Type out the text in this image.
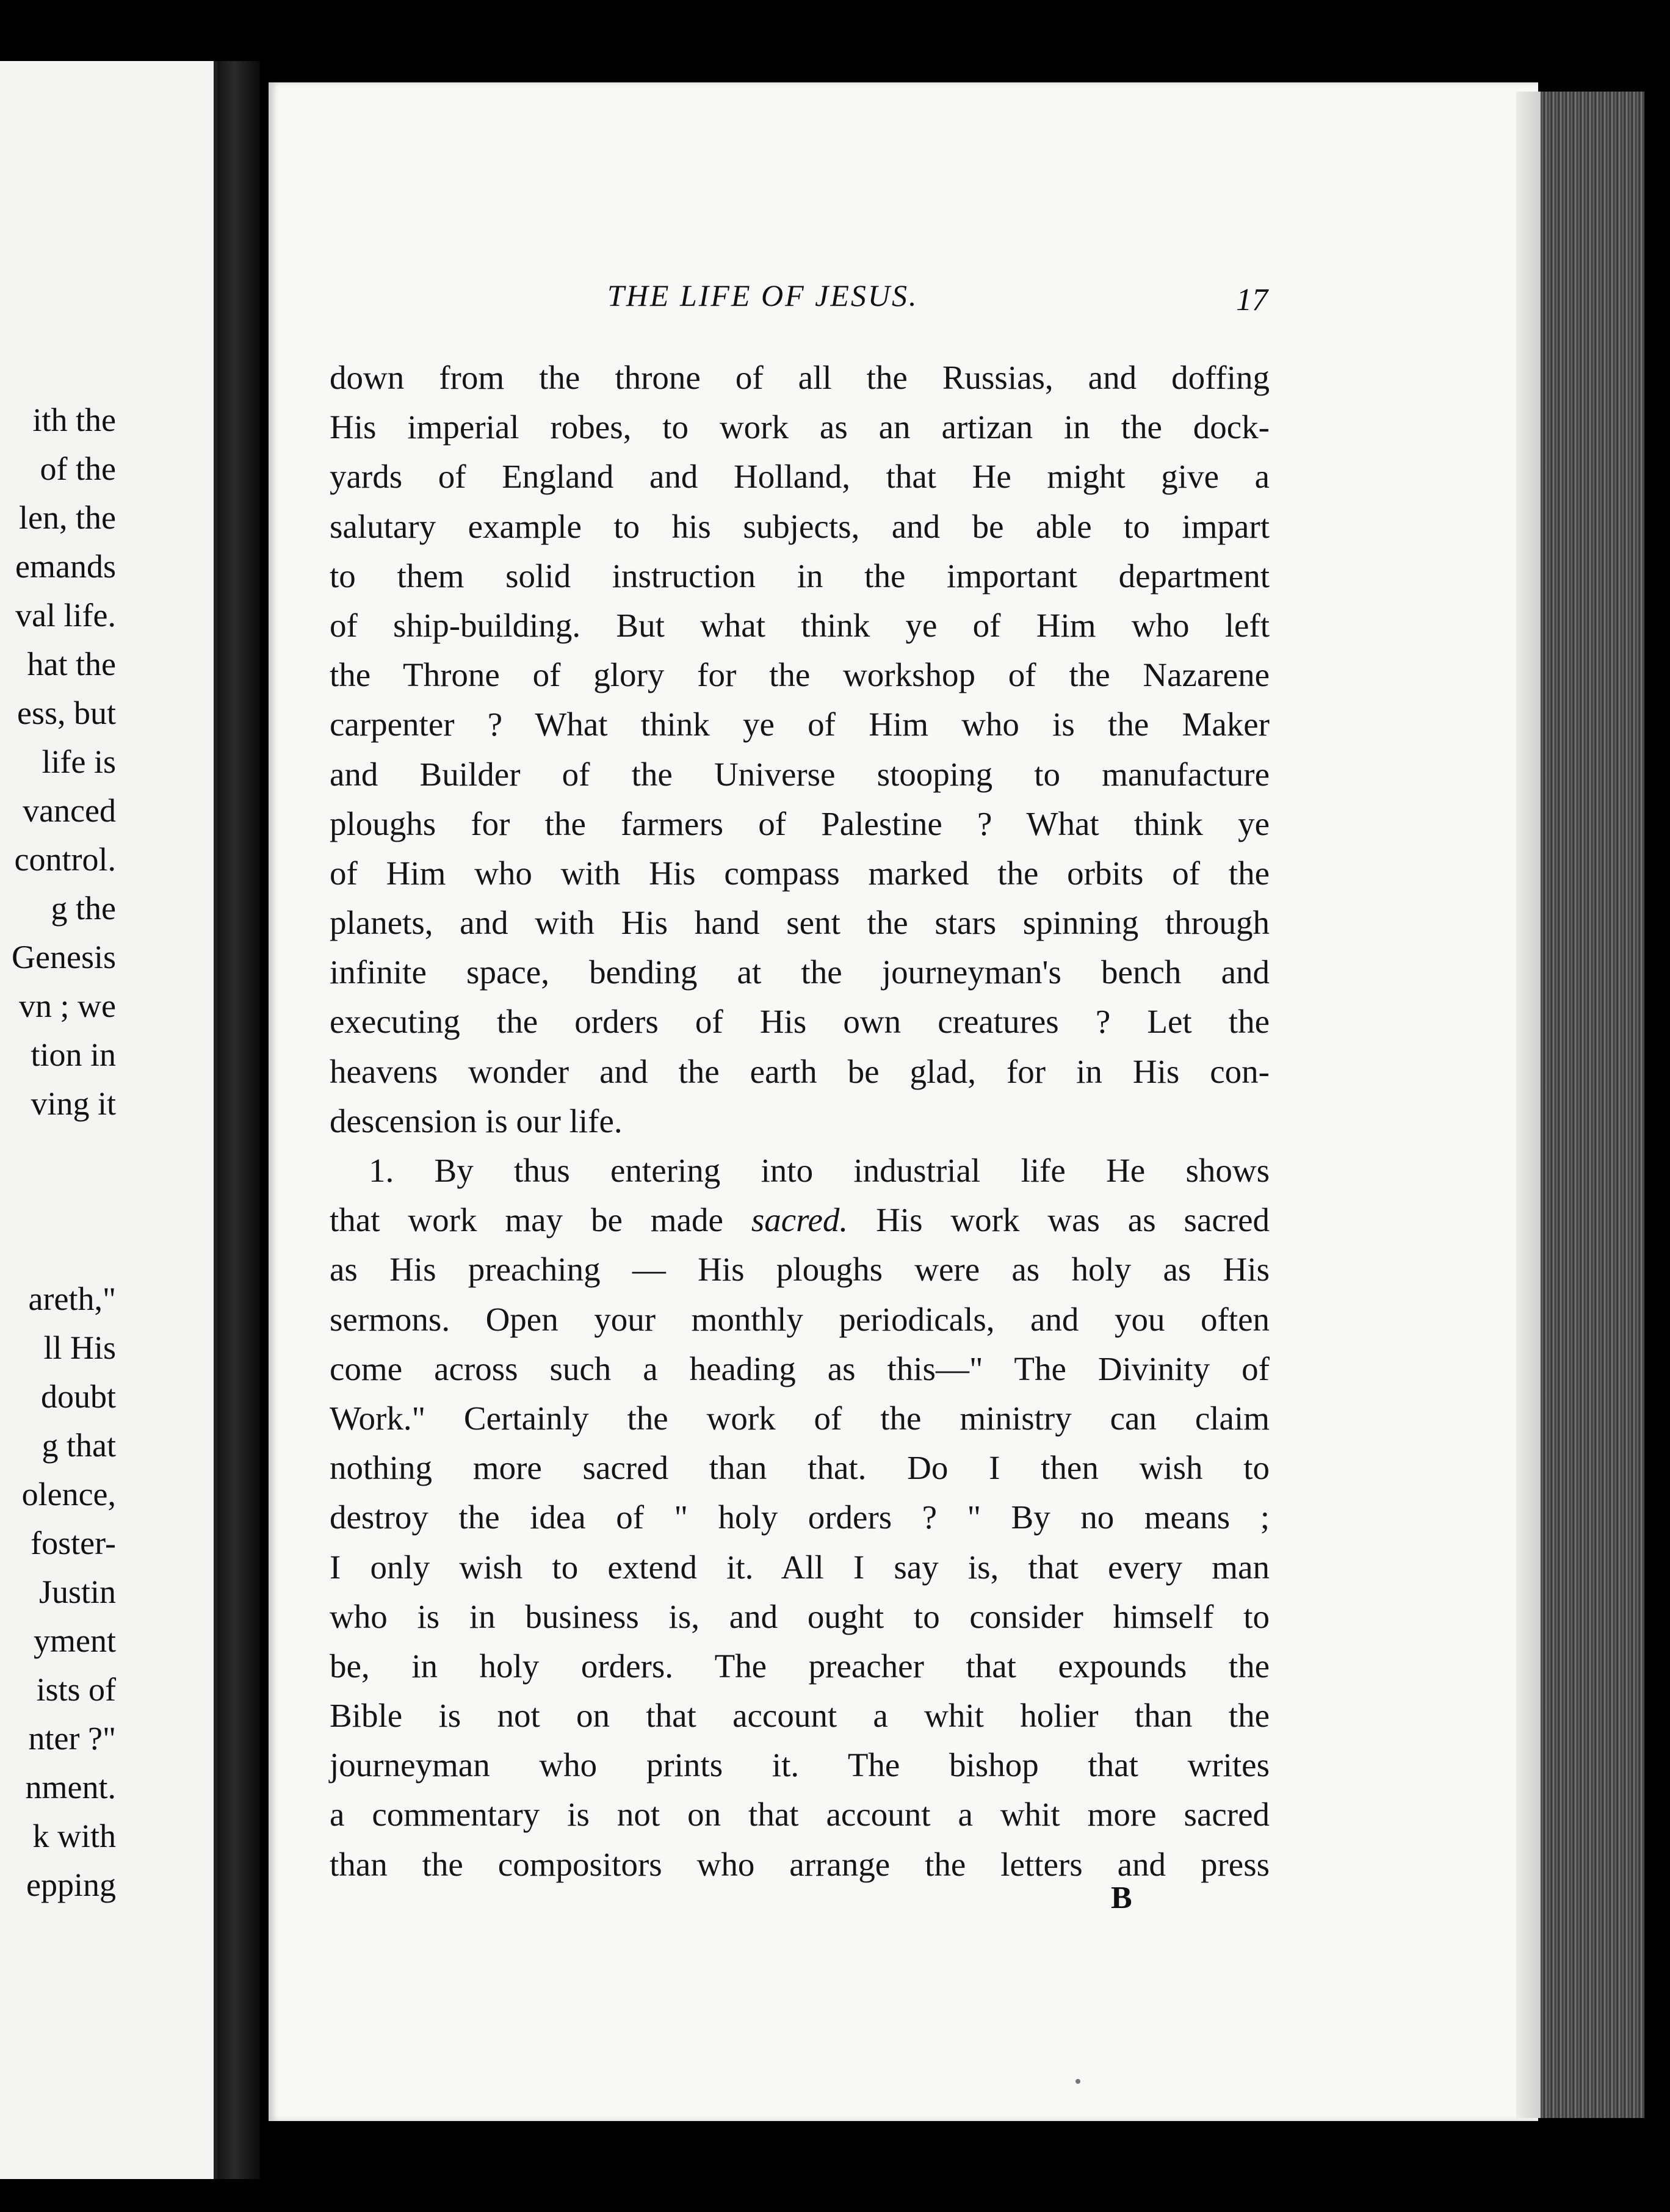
ith the
of the
len, the
emands
val life.
hat the
ess, but
life is
vanced
control.
g the
Genesis
vn ; we
tion in
ving it
areth,"
ll His
doubt
g that
olence,
foster-
Justin
yment
ists of
nter ?"
nment.
k with
epping
THE LIFE OF JESUS.	17
down from the throne of all the Russias, and doffing
His imperial robes, to work as an artizan in the dock-
yards of England and Holland, that He might give a
salutary example to his subjects, and be able to impart
to them solid instruction in the important department
of ship-building. But what think ye of Him who left
the Throne of glory for the workshop of the Nazarene
carpenter ? What think ye of Him who is the Maker
and Builder of the Universe stooping to manufacture
ploughs for the farmers of Palestine ? What think ye
of Him who with His compass marked the orbits of the
planets, and with His hand sent the stars spinning through
infinite space, bending at the journeyman's bench and
executing the orders of His own creatures ? Let the
heavens wonder and the earth be glad, for in His con-
descension is our life.
1. By thus entering into industrial life He shows
that work may be made sacred. His work was as sacred
as His preaching — His ploughs were as holy as His
sermons. Open your monthly periodicals, and you often
come across such a heading as this—" The Divinity of
Work." Certainly the work of the ministry can claim
nothing more sacred than that. Do I then wish to
destroy the idea of " holy orders ? " By no means ;
I only wish to extend it. All I say is, that every man
who is in business is, and ought to consider himself to
be, in holy orders. The preacher that expounds the
Bible is not on that account a whit holier than the
journeyman who prints it. The bishop that writes
a commentary is not on that account a whit more sacred
than the compositors who arrange the letters and press
B
